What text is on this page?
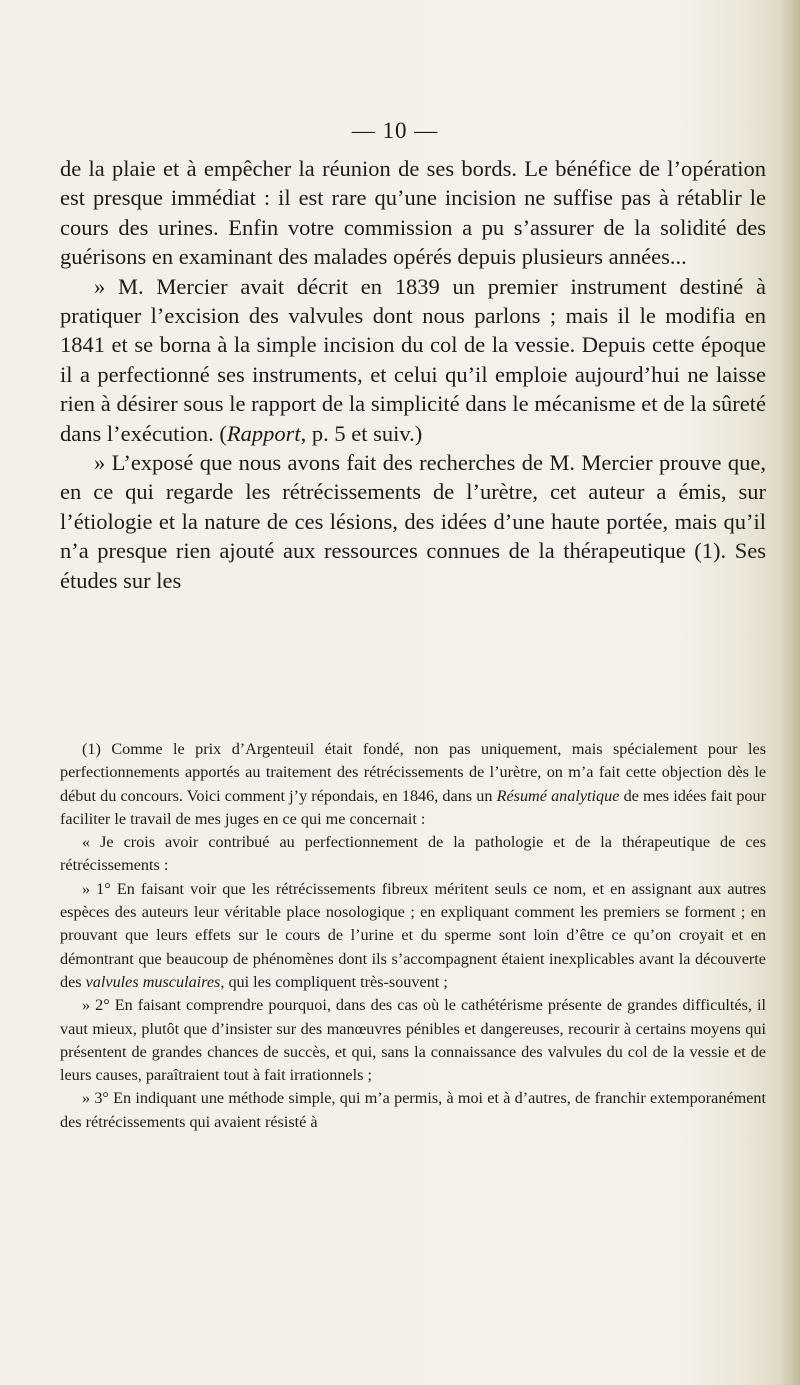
— 10 —

de la plaie et à empêcher la réunion de ses bords. Le bénéfice de l’opération est presque immédiat : il est rare qu’une incision ne suffise pas à rétablir le cours des urines. Enfin votre commission a pu s’assurer de la solidité des guérisons en examinant des malades opérés depuis plusieurs années...

» M. Mercier avait décrit en 1839 un premier instrument destiné à pratiquer l’excision des valvules dont nous parlons ; mais il le modifia en 1841 et se borna à la simple incision du col de la vessie. Depuis cette époque il a perfectionné ses instruments, et celui qu’il emploie aujourd’hui ne laisse rien à désirer sous le rapport de la simplicité dans le mécanisme et de la sûreté dans l’exécution. (Rapport, p. 5 et suiv.)

» L’exposé que nous avons fait des recherches de M. Mercier prouve que, en ce qui regarde les rétrécissements de l’urètre, cet auteur a émis, sur l’étiologie et la nature de ces lésions, des idées d’une haute portée, mais qu’il n’a presque rien ajouté aux ressources connues de la thérapeutique (1). Ses études sur les

(1) Comme le prix d’Argenteuil était fondé, non pas uniquement, mais spécialement pour les perfectionnements apportés au traitement des rétrécissements de l’urètre, on m’a fait cette objection dès le début du concours. Voici comment j’y répondais, en 1846, dans un Résumé analytique de mes idées fait pour faciliter le travail de mes juges en ce qui me concernait :

« Je crois avoir contribué au perfectionnement de la pathologie et de la thérapeutique de ces rétrécissements :

» 1° En faisant voir que les rétrécissements fibreux méritent seuls ce nom, et en assignant aux autres espèces des auteurs leur véritable place nosologique ; en expliquant comment les premiers se forment ; en prouvant que leurs effets sur le cours de l’urine et du sperme sont loin d’être ce qu’on croyait et en démontrant que beaucoup de phénomènes dont ils s’accompagnent étaient inexplicables avant la découverte des valvules musculaires, qui les compliquent très-souvent ;

» 2° En faisant comprendre pourquoi, dans des cas où le cathétérisme présente de grandes difficultés, il vaut mieux, plutôt que d’insister sur des manœuvres pénibles et dangereuses, recourir à certains moyens qui présentent de grandes chances de succès, et qui, sans la connaissance des valvules du col de la vessie et de leurs causes, paraîtraient tout à fait irrationnels ;

» 3° En indiquant une méthode simple, qui m’a permis, à moi et à d’autres, de franchir extemporanément des rétrécissements qui avaient résisté à
